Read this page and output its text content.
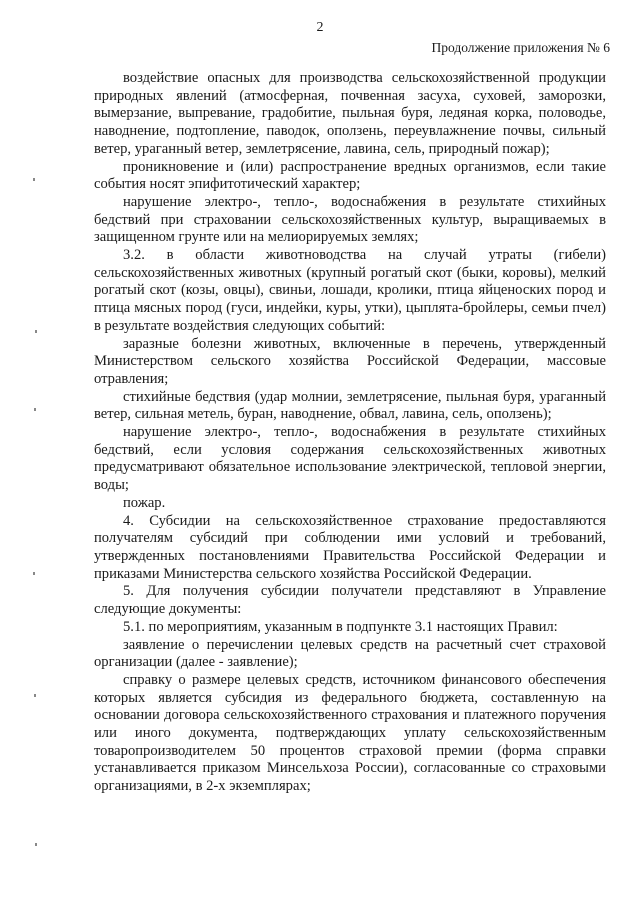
2
Продолжение приложения № 6

воздействие опасных для производства сельскохозяйственной продукции природных явлений (атмосферная, почвенная засуха, суховей, заморозки, вымерзание, выпревание, градобитие, пыльная буря, ледяная корка, половодье, наводнение, подтопление, паводок, оползень, переувлажнение почвы, сильный ветер, ураганный ветер, землетрясение, лавина, сель, природный пожар);

проникновение и (или) распространение вредных организмов, если такие события носят эпифитотический характер;

нарушение электро-, тепло-, водоснабжения в результате стихийных бедствий при страховании сельскохозяйственных культур, выращиваемых в защищенном грунте или на мелиорируемых землях;

3.2. в области животноводства на случай утраты (гибели) сельскохозяйственных животных (крупный рогатый скот (быки, коровы), мелкий рогатый скот (козы, овцы), свиньи, лошади, кролики, птица яйценоских пород и птица мясных пород (гуси, индейки, куры, утки), цыплята-бройлеры, семьи пчел) в результате воздействия следующих событий:

заразные болезни животных, включенные в перечень, утвержденный Министерством сельского хозяйства Российской Федерации, массовые отравления;

стихийные бедствия (удар молнии, землетрясение, пыльная буря, ураганный ветер, сильная метель, буран, наводнение, обвал, лавина, сель, оползень);

нарушение электро-, тепло-, водоснабжения в результате стихийных бедствий, если условия содержания сельскохозяйственных животных предусматривают обязательное использование электрической, тепловой энергии, воды;

пожар.

4. Субсидии на сельскохозяйственное страхование предоставляются получателям субсидий при соблюдении ими условий и требований, утвержденных постановлениями Правительства Российской Федерации и приказами Министерства сельского хозяйства Российской Федерации.

5. Для получения субсидии получатели представляют в Управление следующие документы:

5.1. по мероприятиям, указанным в подпункте 3.1 настоящих Правил:

заявление о перечислении целевых средств на расчетный счет страховой организации (далее - заявление);

справку о размере целевых средств, источником финансового обеспечения которых является субсидия из федерального бюджета, составленную на основании договора сельскохозяйственного страхования и платежного поручения или иного документа, подтверждающих уплату сельскохозяйственным товаропроизводителем 50 процентов страховой премии (форма справки устанавливается приказом Минсельхоза России), согласованные со страховыми организациями, в 2-х экземплярах;
